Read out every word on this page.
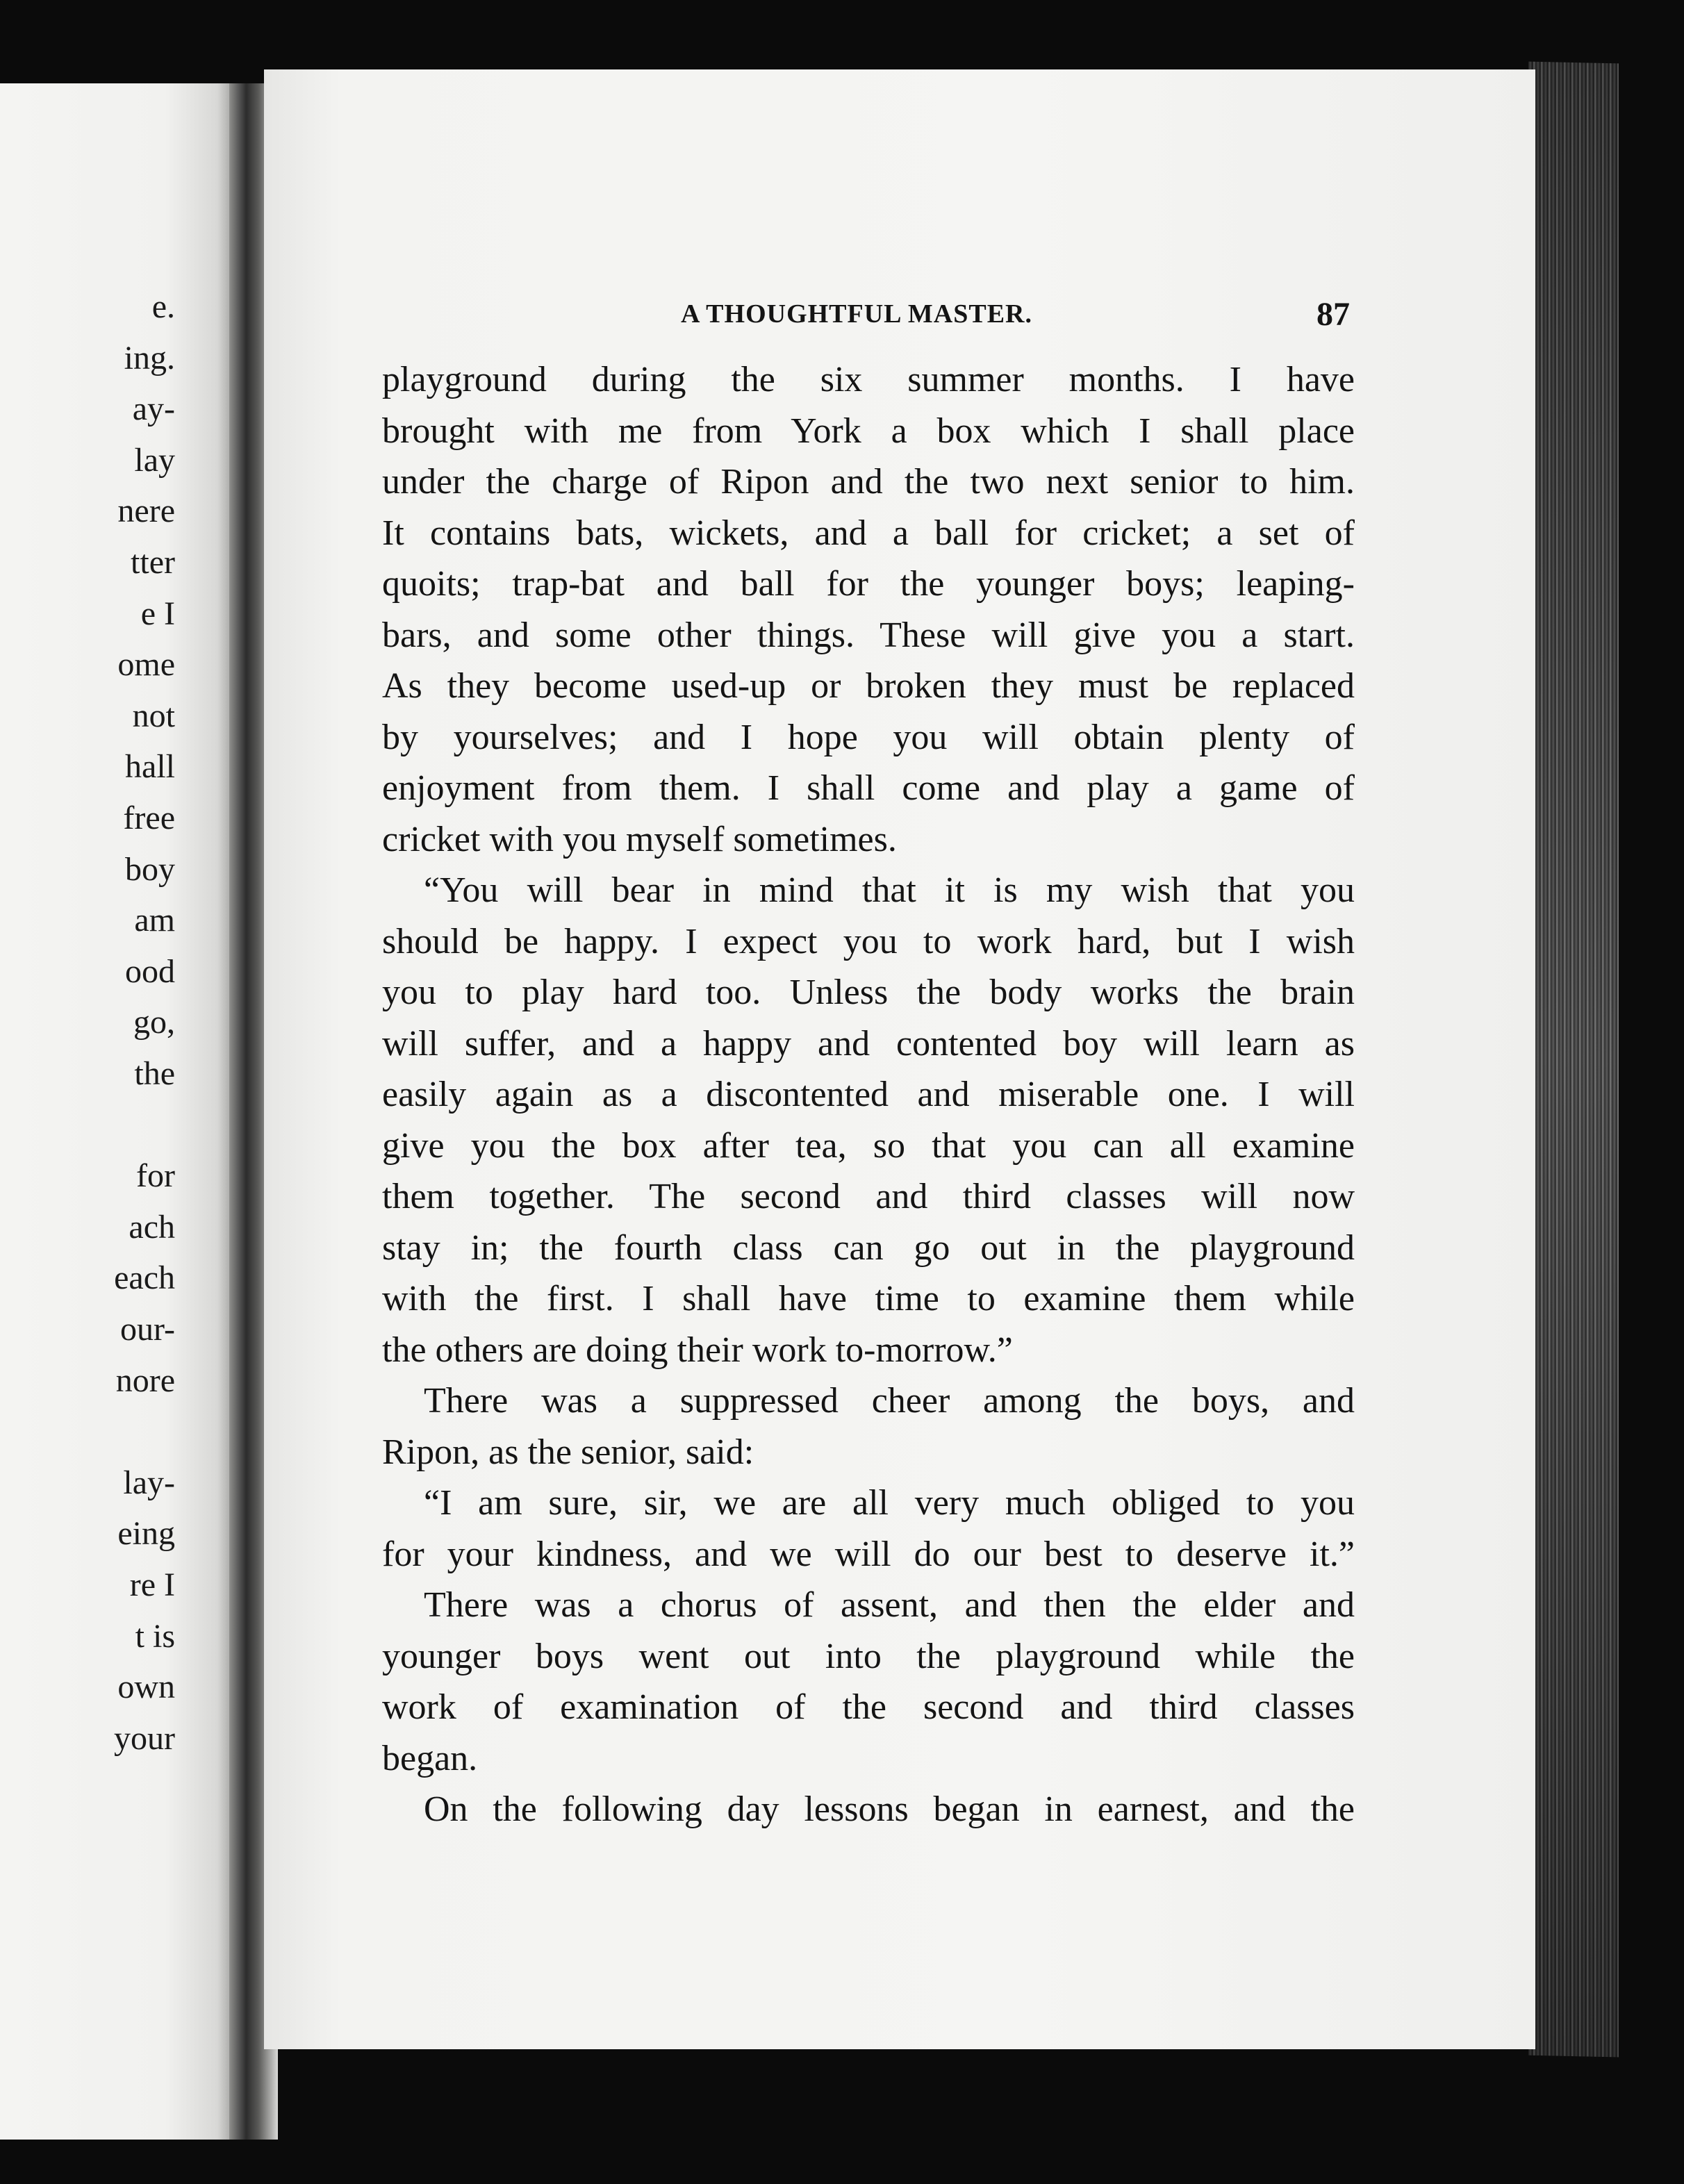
e.
ing.
ay-
lay
nere
tter
e I
ome
not
hall
free
boy
am
ood
go,
the
for
ach
each
our-
nore
lay-
eing
re I
t is
own
your
A THOUGHTFUL MASTER.	87
playground during the six summer months. I have
brought with me from York a box which I shall place
under the charge of Ripon and the two next senior to him.
It contains bats, wickets, and a ball for cricket; a set of
quoits; trap-bat and ball for the younger boys; leaping-
bars, and some other things. These will give you a start.
As they become used-up or broken they must be replaced
by yourselves; and I hope you will obtain plenty of
enjoyment from them. I shall come and play a game of
cricket with you myself sometimes.
“You will bear in mind that it is my wish that you
should be happy. I expect you to work hard, but I wish
you to play hard too. Unless the body works the brain
will suffer, and a happy and contented boy will learn as
easily again as a discontented and miserable one. I will
give you the box after tea, so that you can all examine
them together. The second and third classes will now
stay in; the fourth class can go out in the playground
with the first. I shall have time to examine them while
the others are doing their work to-morrow.”
There was a suppressed cheer among the boys, and
Ripon, as the senior, said:
“I am sure, sir, we are all very much obliged to you
for your kindness, and we will do our best to deserve it.”
There was a chorus of assent, and then the elder and
younger boys went out into the playground while the
work of examination of the second and third classes
began.
On the following day lessons began in earnest, and the
